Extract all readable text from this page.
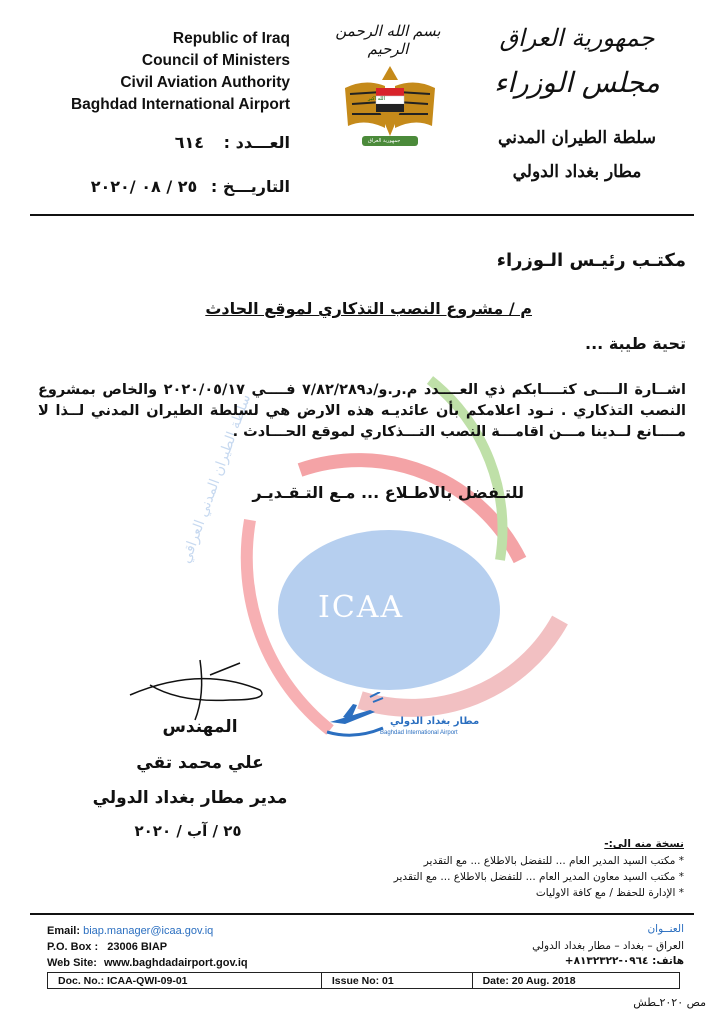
ICAA
سلطة الطيران المدني العراقي
مطار بغداد الدولي
Baghdad International Airport
Republic of Iraq
Council of Ministers
Civil Aviation Authority
Baghdad International Airport
بسم الله الرحمن الرحيم
الله اكبر
جمهورية العراق
جمهورية العراق
مجلس الوزراء
سلطة الطيران المدني
مطار بغداد الدولي
العـــدد : ٦١٤
التاريـــخ : ٢٥ / ٠٨ /٢٠٢٠
مكتـب رئيـس الـوزراء
م / مشروع النصب التذكاري لموقع الحادث
تحية طيبة ...
اشــارة الــــى كتــــابكم ذي العــــدد م.ر.و/د٧/٨٢/٢٨٩ فــــي ٢٠٢٠/٠٥/١٧ والخاص بمشروع النصب التذكاري . نـود اعلامكم بأن عائديـه هذه الارض هي لسلطة الطيران المدني لــذا لا مــــانع لــدينا مـــن اقامـــة النصب التـــذكاري لموقع الحـــادث .
للتـفضل بالاطـلاع ... مـع التـقـديـر
المهندس
علي محمد تقي
مدير مطار بغداد الدولي
٢٥ / آب / ٢٠٢٠
نسخة منه الى:-
* مكتب السيد المدير العام ... للتفضل بالاطلاع ... مع التقدير
* مكتب السيد معاون المدير العام ... للتفضل بالاطلاع ... مع التقدير
* الإدارة للحفظ / مع كافة الاوليات
Email: biap.manager@icaa.gov.iq
P.O. Box : 23006 BIAP
Web Site: www.baghdadairport.gov.iq
العنــوان
العراق – بغداد – مطار بغداد الدولي
هاتف: ٠٩٦٤-٨١٣٢٣٢٢+
Doc. No.: ICAA-QWI-09-01	Issue No: 01	Date: 20 Aug. 2018
مص ٢٠٢٠ـطش
